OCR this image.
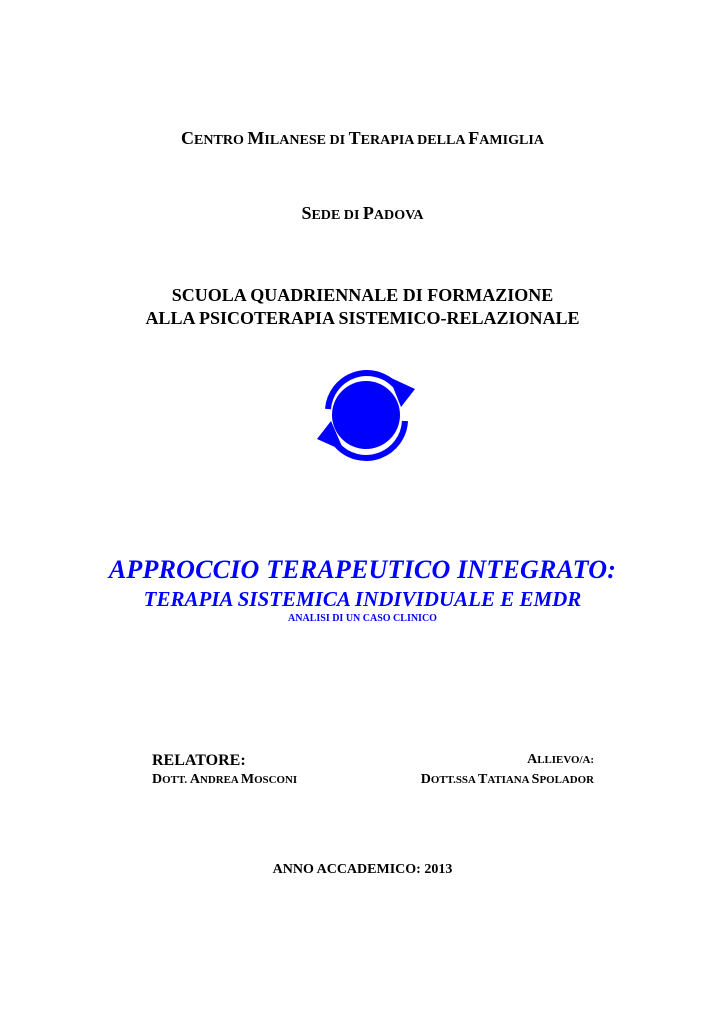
CENTRO MILANESE DI TERAPIA DELLA FAMIGLIA
SEDE DI PADOVA
SCUOLA QUADRIENNALE DI FORMAZIONE
ALLA PSICOTERAPIA SISTEMICO-RELAZIONALE
APPROCCIO TERAPEUTICO INTEGRATO:
TERAPIA SISTEMICA INDIVIDUALE E EMDR
ANALISI DI UN CASO CLINICO
RELATORE:
DOTT. ANDREA MOSCONI
ALLIEVO/A:
DOTT.SSA TATIANA SPOLADOR
ANNO ACCADEMICO: 2013
